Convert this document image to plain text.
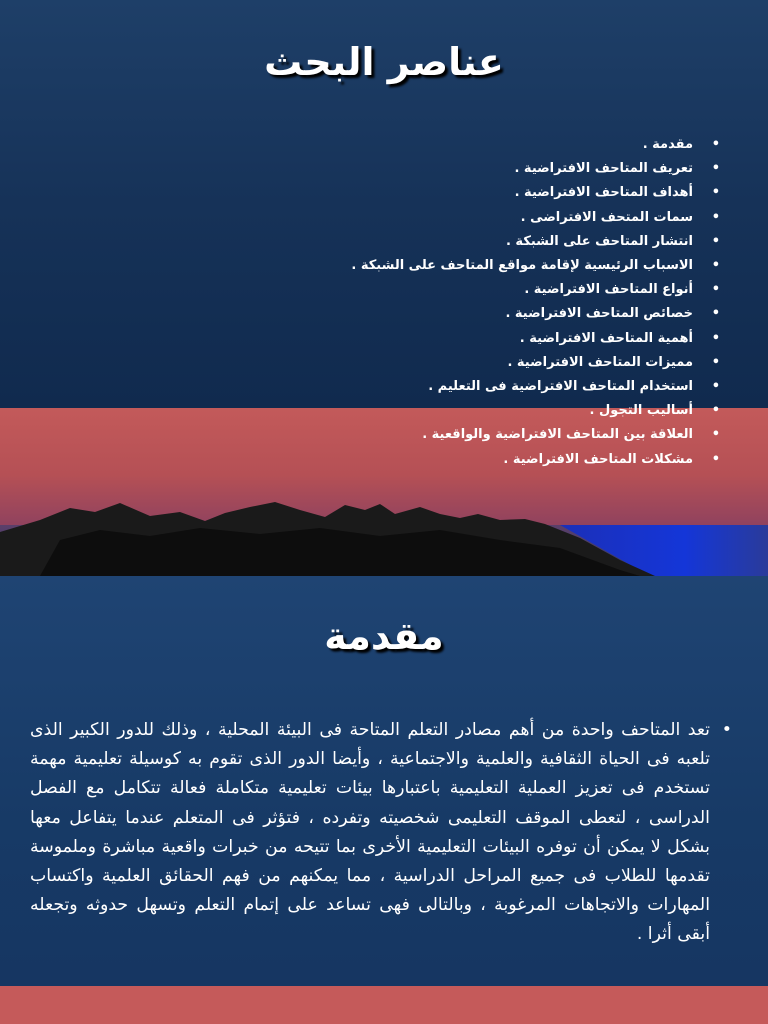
عناصر البحث
•
مقدمة .
•
تعريف المتاحف الافتراضية .
•
أهداف المتاحف الافتراضية .
•
سمات المتحف الافتراضى .
•
انتشار المتاحف على الشبكة .
•
الاسباب الرئيسية لإقامة مواقع المتاحف على الشبكة .
•
أنواع المتاحف الافتراضية .
•
خصائص المتاحف الافتراضية .
•
أهمية المتاحف الافتراضية .
•
مميزات المتاحف الافتراضية .
•
استخدام المتاحف الافتراضية فى التعليم .
•
أساليب التجول .
•
العلاقة بين المتاحف الافتراضية والواقعية .
•
مشكلات المتاحف الافتراضية .
مقدمة
•
تعد المتاحف واحدة من أهم مصادر التعلم المتاحة فى البيئة المحلية ، وذلك للدور الكبير الذى تلعبه فى الحياة الثقافية والعلمية والاجتماعية ، وأيضا الدور الذى تقوم به كوسيلة تعليمية مهمة تستخدم فى تعزيز العملية التعليمية باعتبارها بيئات تعليمية متكاملة فعالة تتكامل مع الفصل الدراسى ، لتعطى الموقف التعليمى شخصيته وتفرده ، فتؤثر فى المتعلم عندما يتفاعل معها بشكل لا يمكن أن توفره البيئات التعليمية الأخرى بما تتيحه من خبرات واقعية مباشرة وملموسة تقدمها للطلاب فى جميع المراحل الدراسية ، مما يمكنهم من فهم الحقائق العلمية واكتساب المهارات والاتجاهات المرغوبة ، وبالتالى فهى تساعد على إتمام التعلم وتسهل حدوثه وتجعله أبقى أثرا .
